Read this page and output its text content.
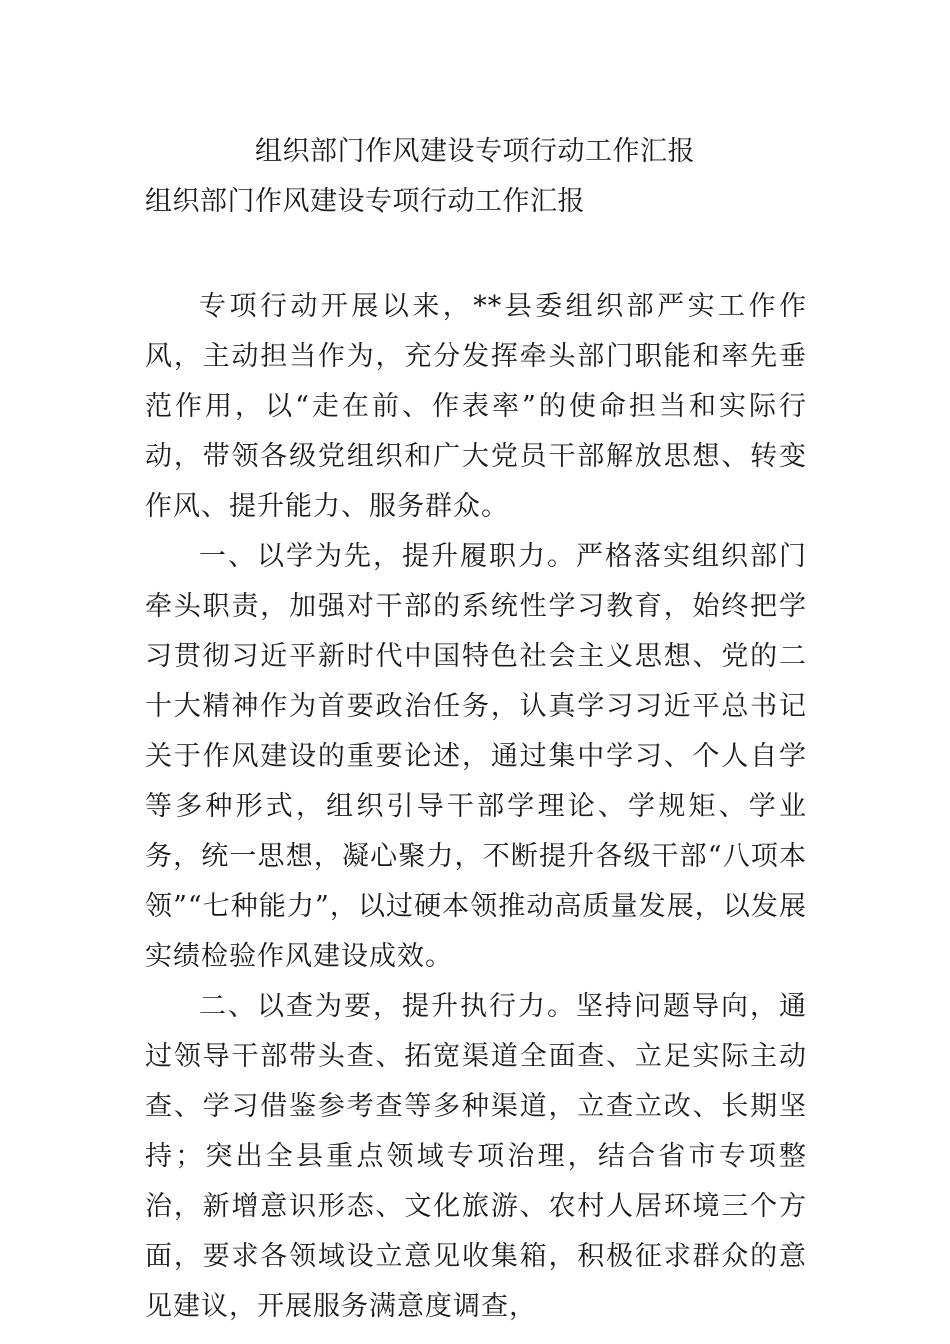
组织部门作风建设专项行动工作汇报
组织部门作风建设专项行动工作汇报

专项行动开展以来，**县委组织部严实工作作风，主动担当作为，充分发挥牵头部门职能和率先垂范作用，以“走在前、作表率”的使命担当和实际行动，带领各级党组织和广大党员干部解放思想、转变作风、提升能力、服务群众。

一、以学为先，提升履职力。严格落实组织部门牵头职责，加强对干部的系统性学习教育，始终把学习贯彻习近平新时代中国特色社会主义思想、党的二十大精神作为首要政治任务，认真学习习近平总书记关于作风建设的重要论述，通过集中学习、个人自学等多种形式，组织引导干部学理论、学规矩、学业务，统一思想，凝心聚力，不断提升各级干部“八项本领”“七种能力”，以过硬本领推动高质量发展，以发展实绩检验作风建设成效。

二、以查为要，提升执行力。坚持问题导向，通过领导干部带头查、拓宽渠道全面查、立足实际主动查、学习借鉴参考查等多种渠道，立查立改、长期坚持；突出全县重点领域专项治理，结合省市专项整治，新增意识形态、文化旅游、农村人居环境三个方面，要求各领域设立意见收集箱，积极征求群众的意见建议，开展服务满意度调查，
